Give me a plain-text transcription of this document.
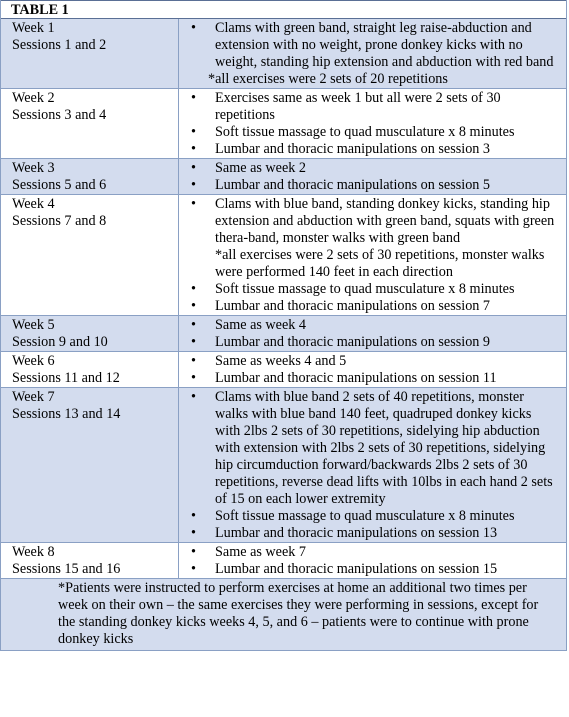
TABLE 1
Week 1
Sessions 1 and 2
• Clams with green band, straight leg raise-abduction and extension with no weight, prone donkey kicks with no weight, standing hip extension and abduction with red band
*all exercises were 2 sets of 20 repetitions
Week 2
Sessions 3 and 4
• Exercises same as week 1 but all were 2 sets of 30 repetitions
• Soft tissue massage to quad musculature x 8 minutes
• Lumbar and thoracic manipulations on session 3
Week 3
Sessions 5 and 6
• Same as week 2
• Lumbar and thoracic manipulations on session 5
Week 4
Sessions 7 and 8
• Clams with blue band, standing donkey kicks, standing hip extension and abduction with green band, squats with green thera-band, monster walks with green band
*all exercises were 2 sets of 30 repetitions, monster walks were performed 140 feet in each direction
• Soft tissue massage to quad musculature x 8 minutes
• Lumbar and thoracic manipulations on session 7
Week 5
Session 9 and 10
• Same as week 4
• Lumbar and thoracic manipulations on session 9
Week 6
Sessions 11 and 12
• Same as weeks 4 and 5
• Lumbar and thoracic manipulations on session 11
Week 7
Sessions 13 and 14
• Clams with blue band 2 sets of 40 repetitions, monster walks with blue band 140 feet, quadruped donkey kicks with 2lbs 2 sets of 30 repetitions, sidelying hip abduction with extension with 2lbs 2 sets of 30 repetitions, sidelying hip circumduction forward/backwards 2lbs 2 sets of 30 repetitions, reverse dead lifts with 10lbs in each hand 2 sets of 15 on each lower extremity
• Soft tissue massage to quad musculature x 8 minutes
• Lumbar and thoracic manipulations on session 13
Week 8
Sessions 15 and 16
• Same as week 7
• Lumbar and thoracic manipulations on session 15
*Patients were instructed to perform exercises at home an additional two times per week on their own – the same exercises they were performing in sessions, except for the standing donkey kicks weeks 4, 5, and 6 – patients were to continue with prone donkey kicks
